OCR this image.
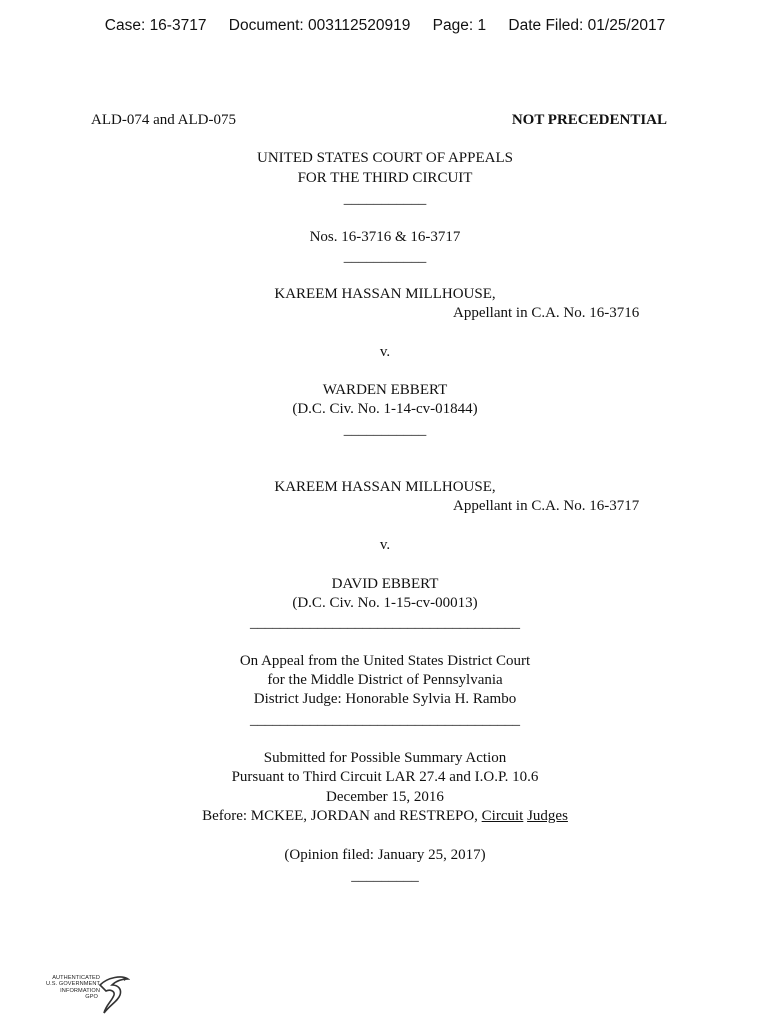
Case: 16-3717 Document: 003112520919 Page: 1 Date Filed: 01/25/2017
ALD-074 and ALD-075	NOT PRECEDENTIAL
UNITED STATES COURT OF APPEALS
FOR THE THIRD CIRCUIT
___________
Nos. 16-3716 & 16-3717
___________
KAREEM HASSAN MILLHOUSE,
Appellant in C.A. No. 16-3716
v.
WARDEN EBBERT
(D.C. Civ. No. 1-14-cv-01844)
___________
KAREEM HASSAN MILLHOUSE,
Appellant in C.A. No. 16-3717
v.
DAVID EBBERT
(D.C. Civ. No. 1-15-cv-00013)
____________________________________
On Appeal from the United States District Court
for the Middle District of Pennsylvania
District Judge: Honorable Sylvia H. Rambo
____________________________________
Submitted for Possible Summary Action
Pursuant to Third Circuit LAR 27.4 and I.O.P. 10.6
December 15, 2016
Before: MCKEE, JORDAN and RESTREPO, Circuit Judges
(Opinion filed: January 25, 2017)
_________
AUTHENTICATED
U.S. GOVERNMENT
INFORMATION
GPO
